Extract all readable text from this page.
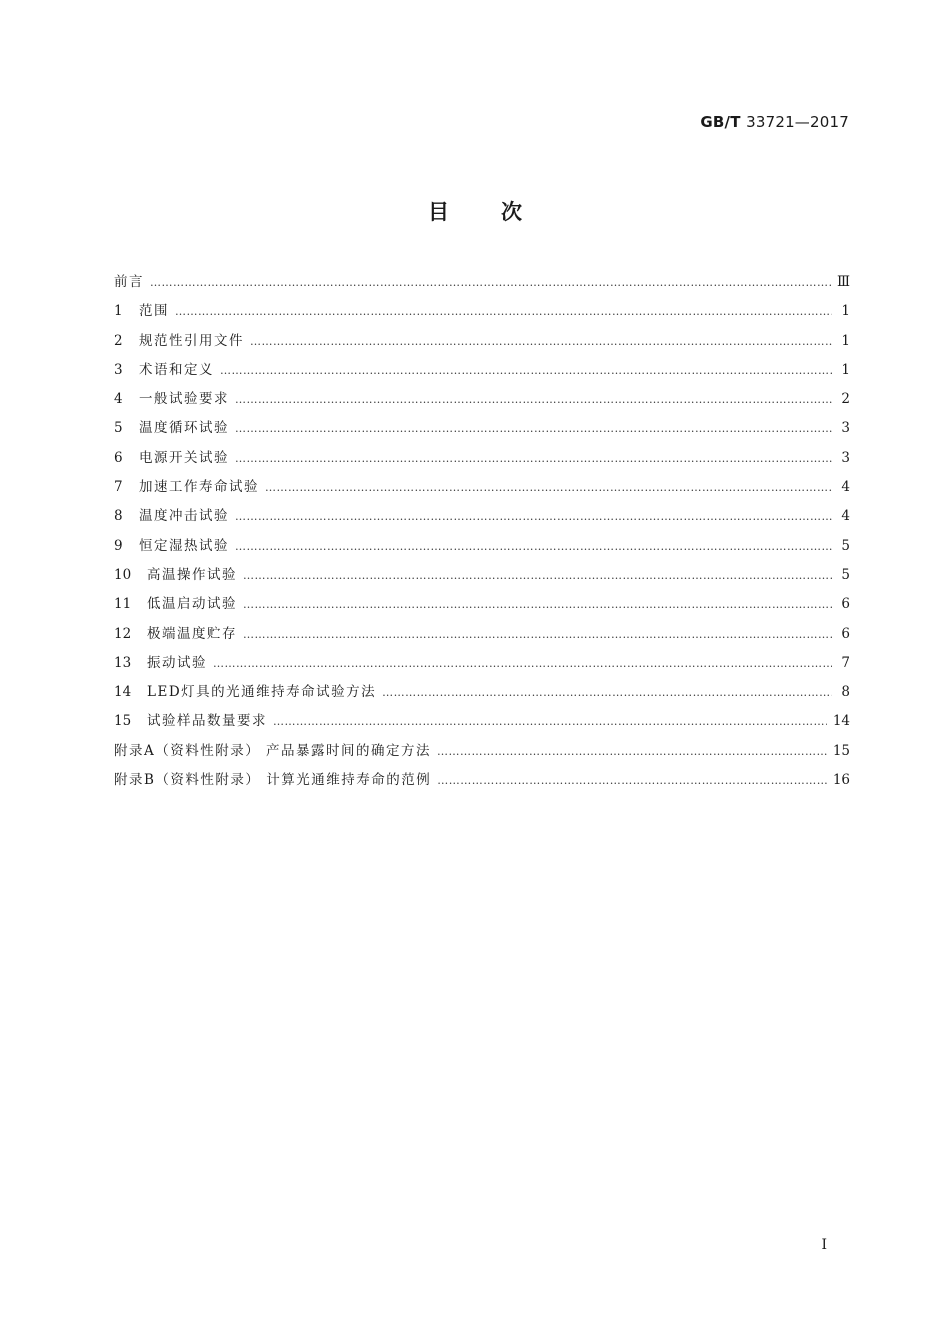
GB/T 33721—2017
目次
前言 …………………………………………………………………………………………………………………………………………………………………………………………………………	Ⅲ
1	范围 …………………………………………………………………………………………………………………………………………………………………………………………………………	1
2	规范性引用文件 …………………………………………………………………………………………………………………………………………………………………………………………………………	1
3	术语和定义 …………………………………………………………………………………………………………………………………………………………………………………………………………	1
4	一般试验要求 …………………………………………………………………………………………………………………………………………………………………………………………………………	2
5	温度循环试验 …………………………………………………………………………………………………………………………………………………………………………………………………………	3
6	电源开关试验 …………………………………………………………………………………………………………………………………………………………………………………………………………	3
7	加速工作寿命试验 …………………………………………………………………………………………………………………………………………………………………………………………………………	4
8	温度冲击试验 …………………………………………………………………………………………………………………………………………………………………………………………………………	4
9	恒定湿热试验 …………………………………………………………………………………………………………………………………………………………………………………………………………	5
10	高温操作试验 …………………………………………………………………………………………………………………………………………………………………………………………………………	5
11	低温启动试验 …………………………………………………………………………………………………………………………………………………………………………………………………………	6
12	极端温度贮存 …………………………………………………………………………………………………………………………………………………………………………………………………………	6
13	振动试验 …………………………………………………………………………………………………………………………………………………………………………………………………………	7
14	LED灯具的光通维持寿命试验方法 …………………………………………………………………………………………………………………………………………………………………………………………………………	8
15	试验样品数量要求 …………………………………………………………………………………………………………………………………………………………………………………………………………	14
附录A（资料性附录） 产品暴露时间的确定方法 …………………………………………………………………………………………………………………………………………………………………………………………………………	15
附录B（资料性附录） 计算光通维持寿命的范例 …………………………………………………………………………………………………………………………………………………………………………………………………………	16
Ⅰ
